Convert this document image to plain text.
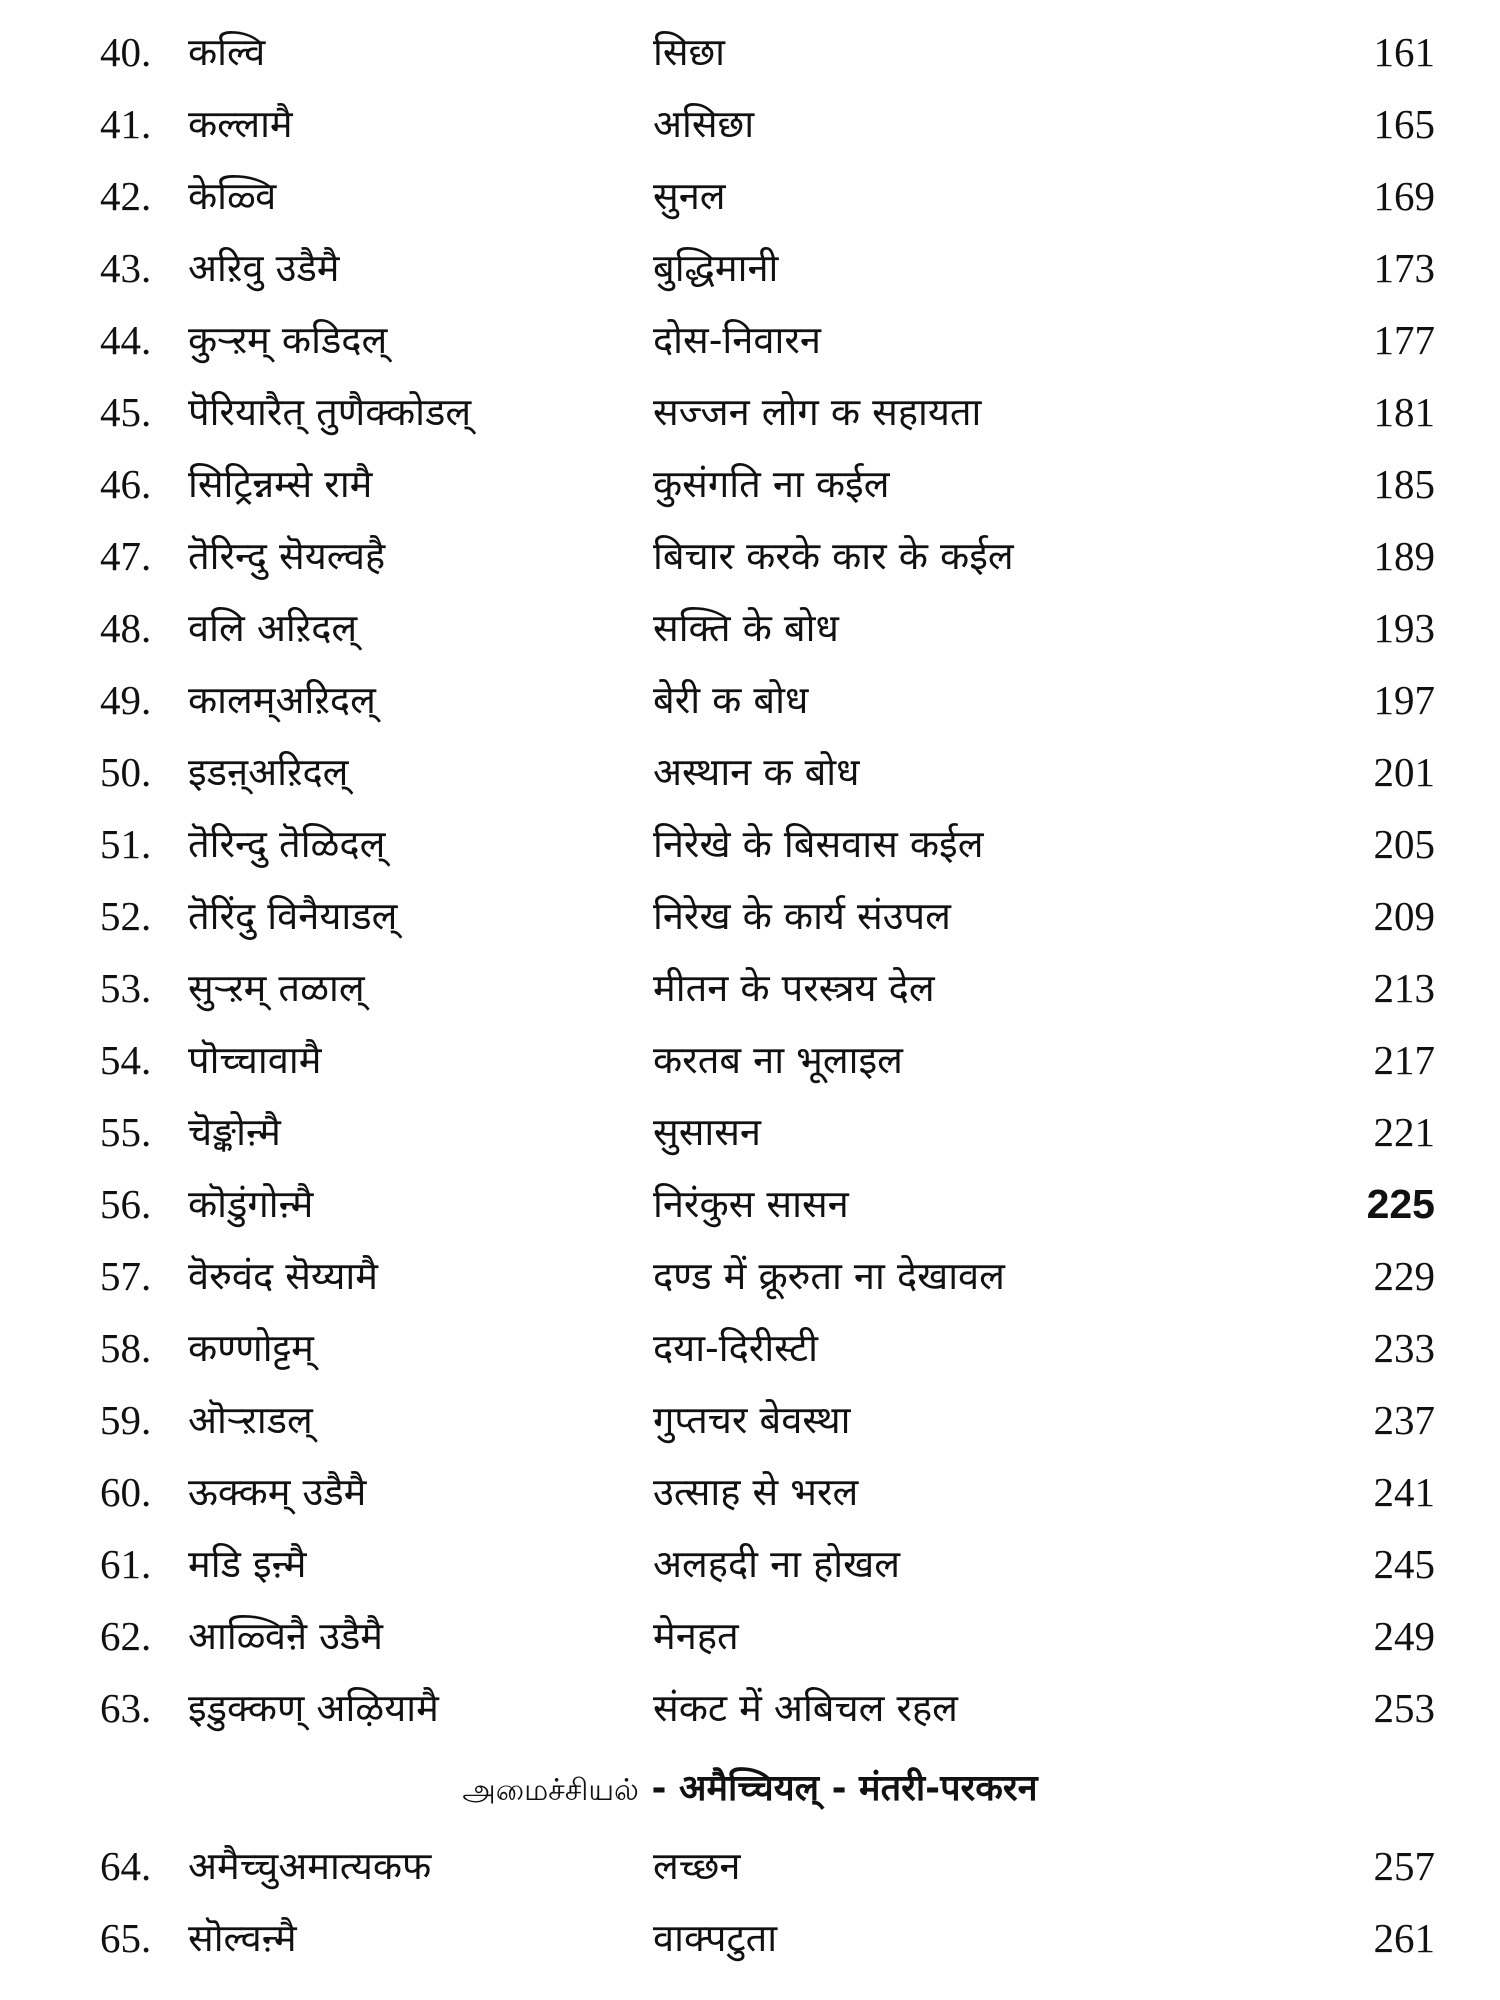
40. कल्वि	सिछा	161
41. कल्लामै	असिछा	165
42. केळ्वि	सुनल	169
43. अऱिवु उडैमै	बुद्धिमानी	173
44. कुऱ्ऱम् कडिदल्	दोस-निवारन	177
45. पॆरियारैत् तुणैक्कोडल्	सज्जन लोग क सहायता	181
46. सिट्रिन्नम्से रामै	कुसंगति ना कईल	185
47. तॆरिन्दु सॆयल्वहै	बिचार करके कार के कईल	189
48. वलि अऱिदल्	सक्ति के बोध	193
49. कालम्अऱिदल्	बेरी क बोध	197
50. इडऩ्अऱिदल्	अस्थान क बोध	201
51. तॆरिन्दु तॆळिदल्	निरेखे के बिसवास कईल	205
52. तॆरिंदु विनैयाडल्	निरेख के कार्य संउपल	209
53. सुऱ्ऱम् तळाल्	मीतन के परस्त्रय देल	213
54. पॊच्चावामै	करतब ना भूलाइल	217
55. चॆङ्कोऩ्मै	सुसासन	221
56. कॊडुंगोऩ्मै	निरंकुस सासन	225
57. वॆरुवंद सॆय्यामै	दण्ड में क्रूरुता ना देखावल	229
58. कण्णोट्टम्	दया-दिरीस्टी	233
59. ऒऱ्ऱाडल्	गुप्तचर बेवस्था	237
60. ऊक्कम् उडैमै	उत्साह से भरल	241
61. मडि इऩ्मै	अलहदी ना होखल	245
62. आळ्विऩै उडैमै	मेनहत	249
63. इडुक्कण् अऴियामै	संकट में अबिचल रहल	253
அமைச்சியல் - अमैच्चियल् - मंतरी-परकरन
64. अमैच्चुअमात्यकफ	लच्छन	257
65. सॊल्वऩ्मै	वाक्पटुता	261
